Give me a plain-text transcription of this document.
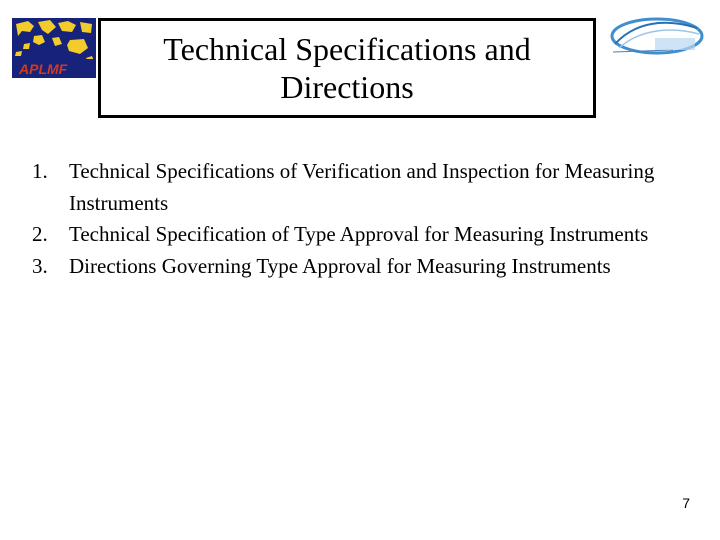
APLMF
Technical Specifications and
Directions
1.	Technical Specifications of Verification and Inspection for Measuring Instruments
2.	Technical Specification of Type Approval for Measuring Instruments
3.	Directions Governing Type Approval for Measuring Instruments
7
